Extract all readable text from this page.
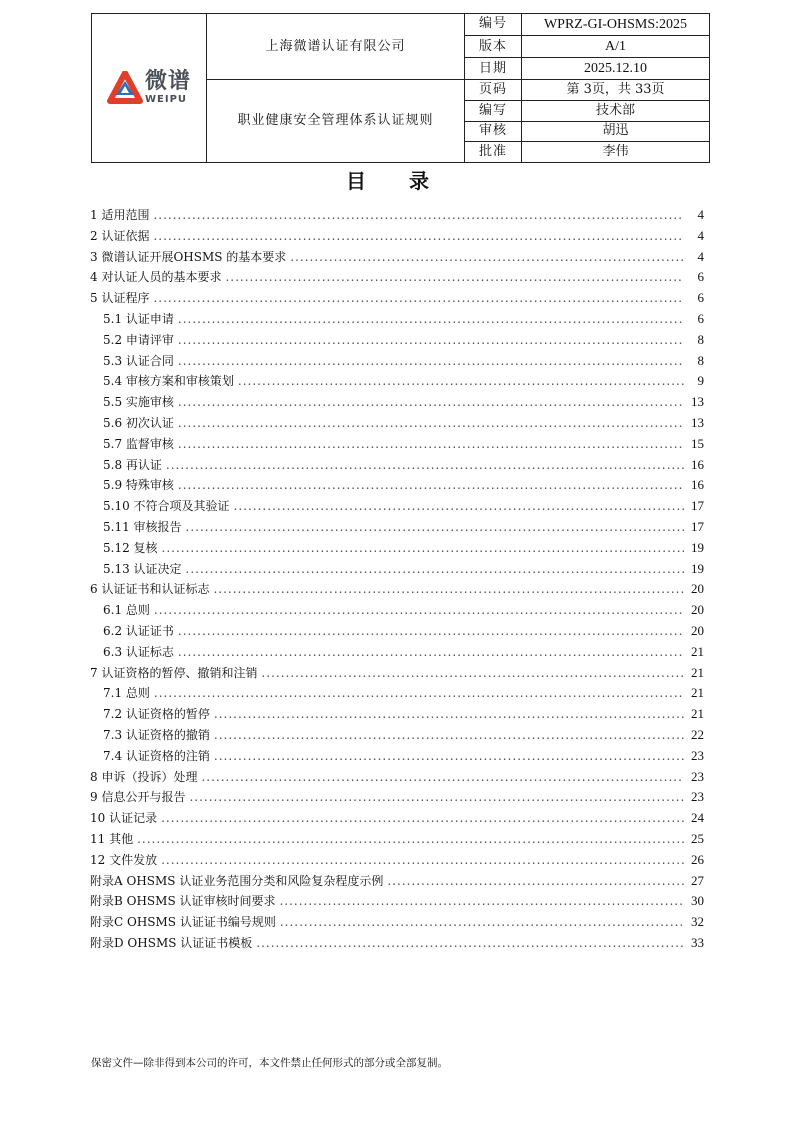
微谱
WEIPU	上海微谱认证有限公司	编号	WPRZ-GI-OHSMS:2025
		版本	A/1
		日期	2025.12.10
	职业健康安全管理体系认证规则	页码	第 3页，共 33页
		编写	技术部
		审核	胡迅
		批准	李伟
目 录
1 适用范围 .....	4
2 认证依据 .....	4
3 微谱认证开展OHSMS 的基本要求 .....	4
4 对认证人员的基本要求 .....	6
5 认证程序 .....	6
5.1 认证申请 .....	6
5.2 申请评审 .....	8
5.3 认证合同 .....	8
5.4 审核方案和审核策划 .....	9
5.5 实施审核 .....	13
5.6 初次认证 .....	13
5.7 监督审核 .....	15
5.8 再认证 .....	16
5.9 特殊审核 .....	16
5.10 不符合项及其验证 .....	17
5.11 审核报告 .....	17
5.12 复核 .....	19
5.13 认证决定 .....	19
6 认证证书和认证标志 .....	20
6.1 总则 .....	20
6.2 认证证书 .....	20
6.3 认证标志 .....	21
7 认证资格的暂停、撤销和注销 .....	21
7.1 总则 .....	21
7.2 认证资格的暂停 .....	21
7.3 认证资格的撤销 .....	22
7.4 认证资格的注销 .....	23
8 申诉（投诉）处理 .....	23
9 信息公开与报告 .....	23
10 认证记录 .....	24
11 其他 .....	25
12 文件发放 .....	26
附录A OHSMS 认证业务范围分类和风险复杂程度示例 .....	27
附录B OHSMS 认证审核时间要求 .....	30
附录C OHSMS 认证证书编号规则 .....	32
附录D OHSMS 认证证书模板 .....	33
保密文件—除非得到本公司的许可，本文件禁止任何形式的部分或全部复制。
